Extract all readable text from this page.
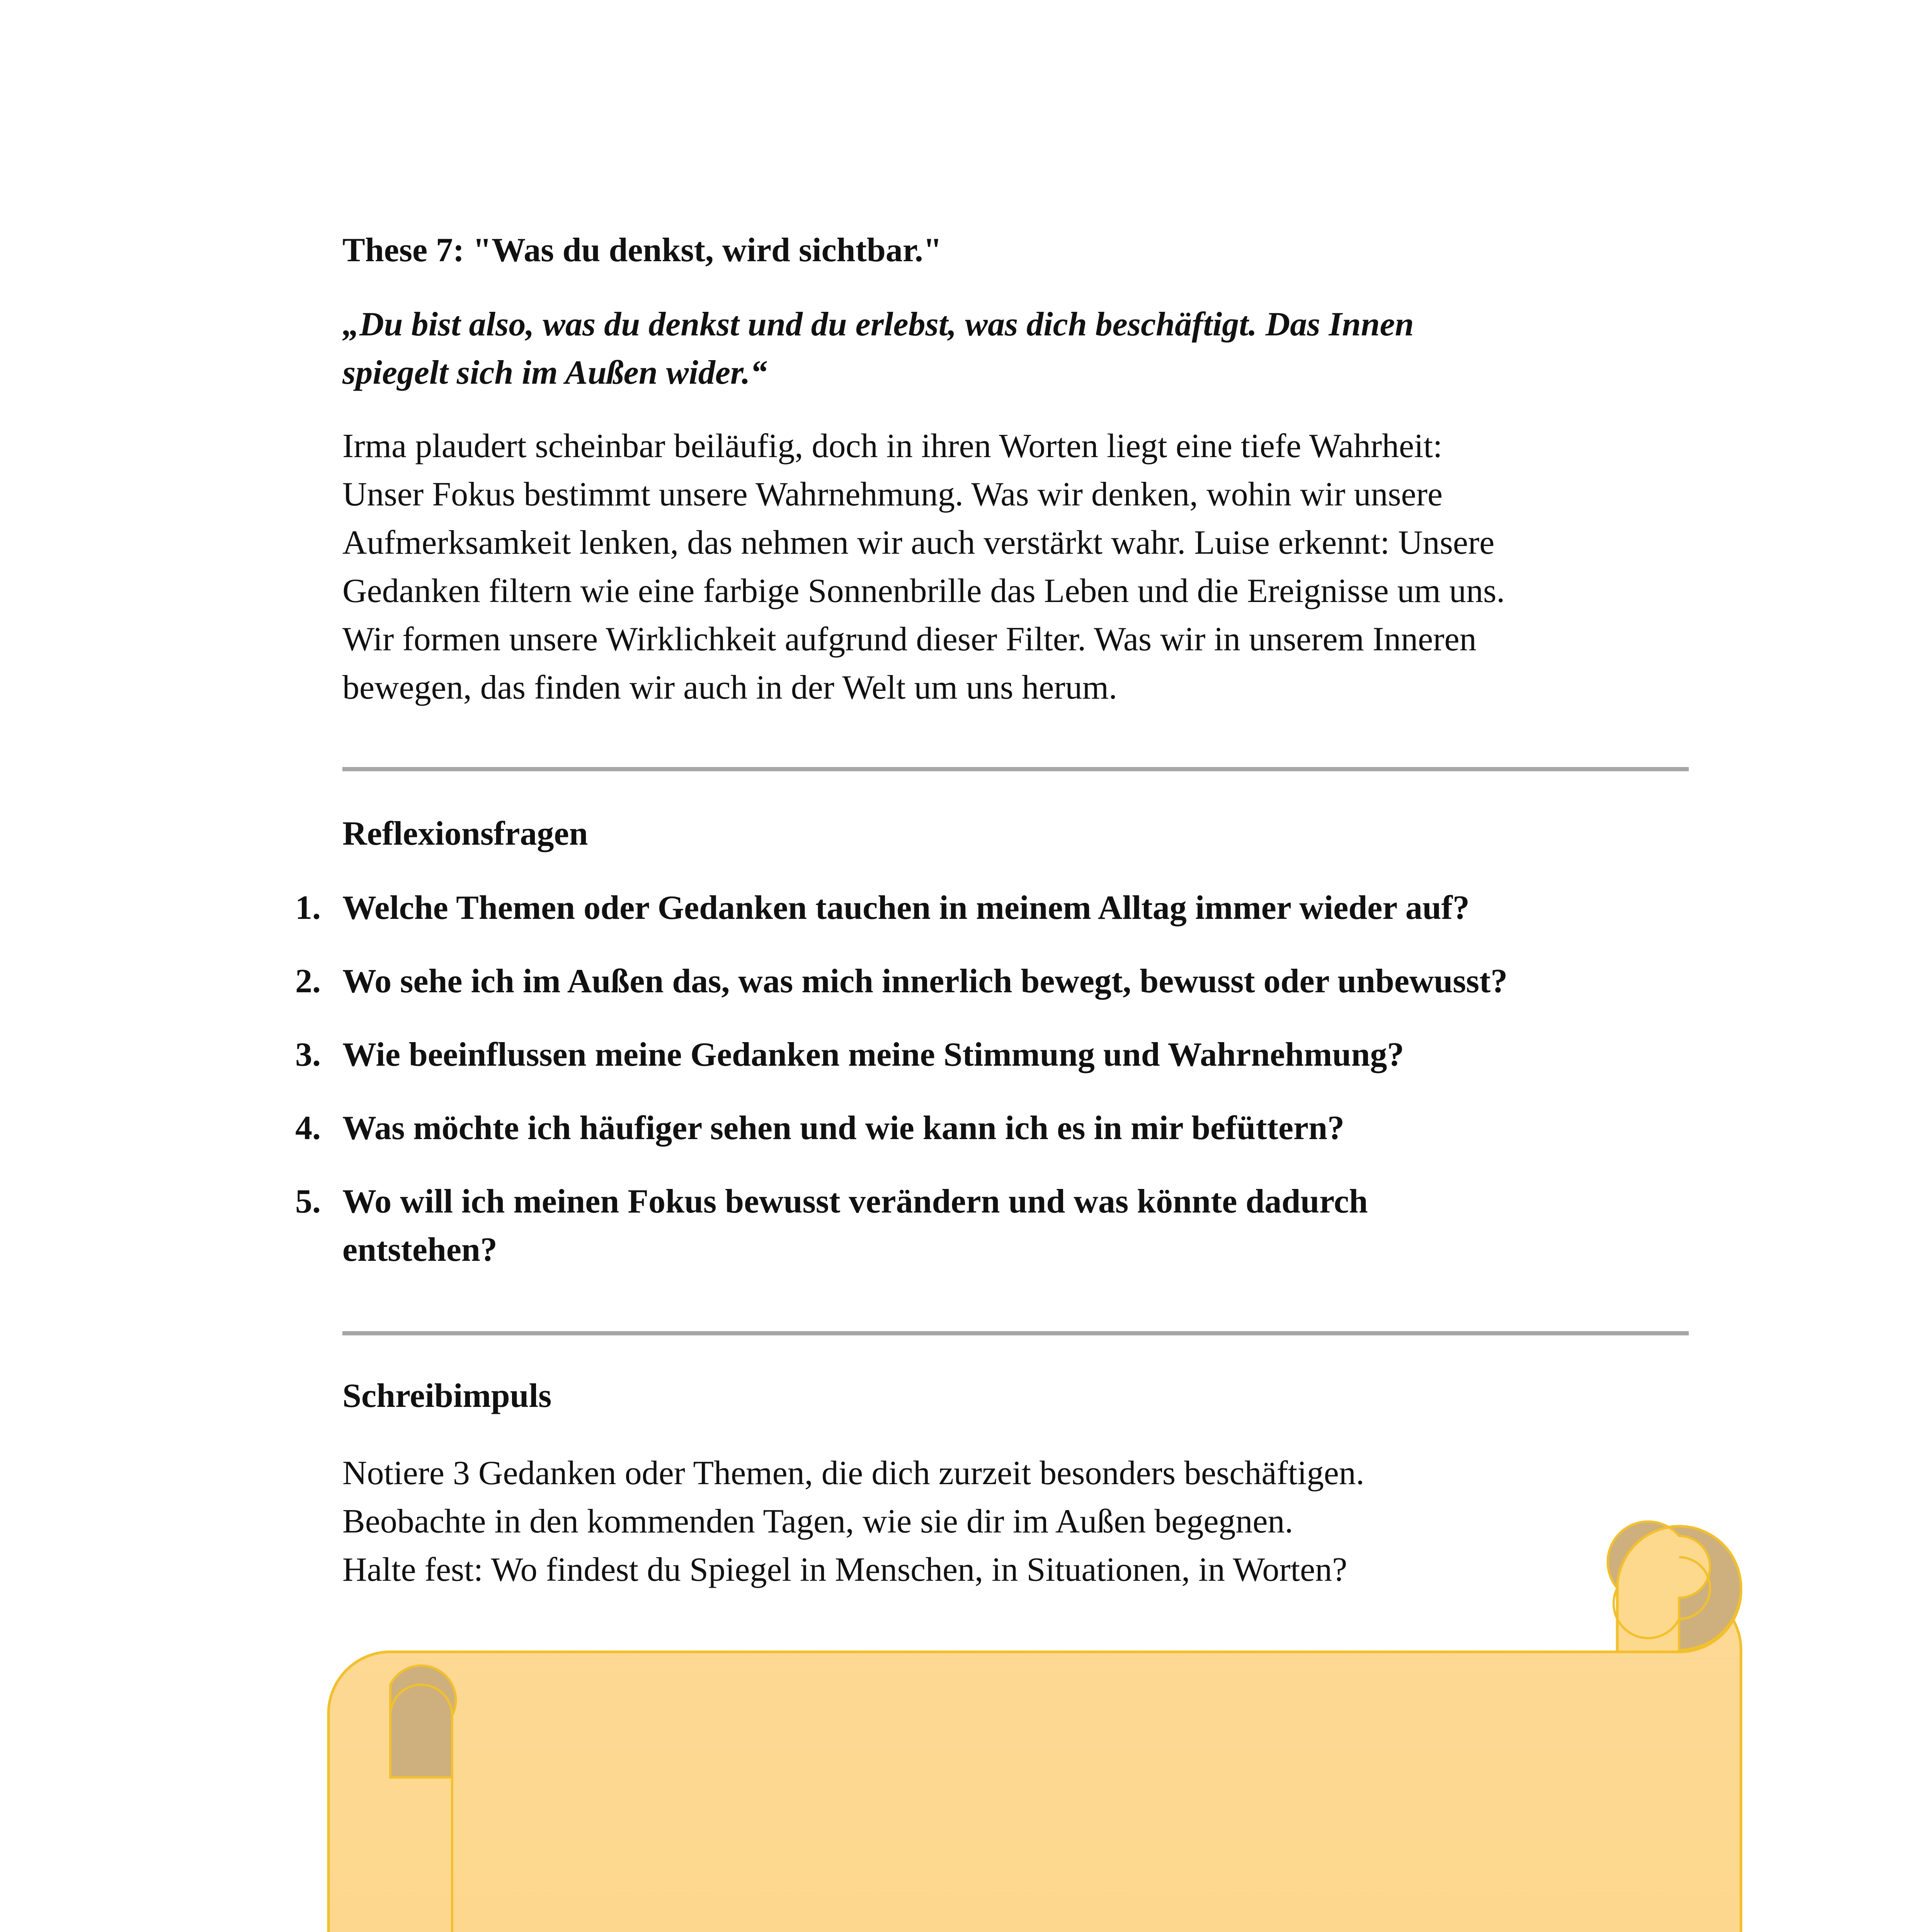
These 7: "Was du denkst, wird sichtbar."

„Du bist also, was du denkst und du erlebst, was dich beschäftigt. Das Innen

spiegelt sich im Außen wider.“

Irma plaudert scheinbar beiläufig, doch in ihren Worten liegt eine tiefe Wahrheit:

Unser Fokus bestimmt unsere Wahrnehmung. Was wir denken, wohin wir unsere

Aufmerksamkeit lenken, das nehmen wir auch verstärkt wahr. Luise erkennt: Unsere

Gedanken filtern wie eine farbige Sonnenbrille das Leben und die Ereignisse um uns.

Wir formen unsere Wirklichkeit aufgrund dieser Filter. Was wir in unserem Inneren

bewegen, das finden wir auch in der Welt um uns herum.

Reflexionsfragen

1. Welche Themen oder Gedanken tauchen in meinem Alltag immer wieder auf?
2. Wo sehe ich im Außen das, was mich innerlich bewegt, bewusst oder unbewusst?
3. Wie beeinflussen meine Gedanken meine Stimmung und Wahrnehmung?
4. Was möchte ich häufiger sehen und wie kann ich es in mir befüttern?
5. Wo will ich meinen Fokus bewusst verändern und was könnte dadurch
entstehen?

Schreibimpuls

Notiere 3 Gedanken oder Themen, die dich zurzeit besonders beschäftigen.

Beobachte in den kommenden Tagen, wie sie dir im Außen begegnen.

Halte fest: Wo findest du Spiegel in Menschen, in Situationen, in Worten?
